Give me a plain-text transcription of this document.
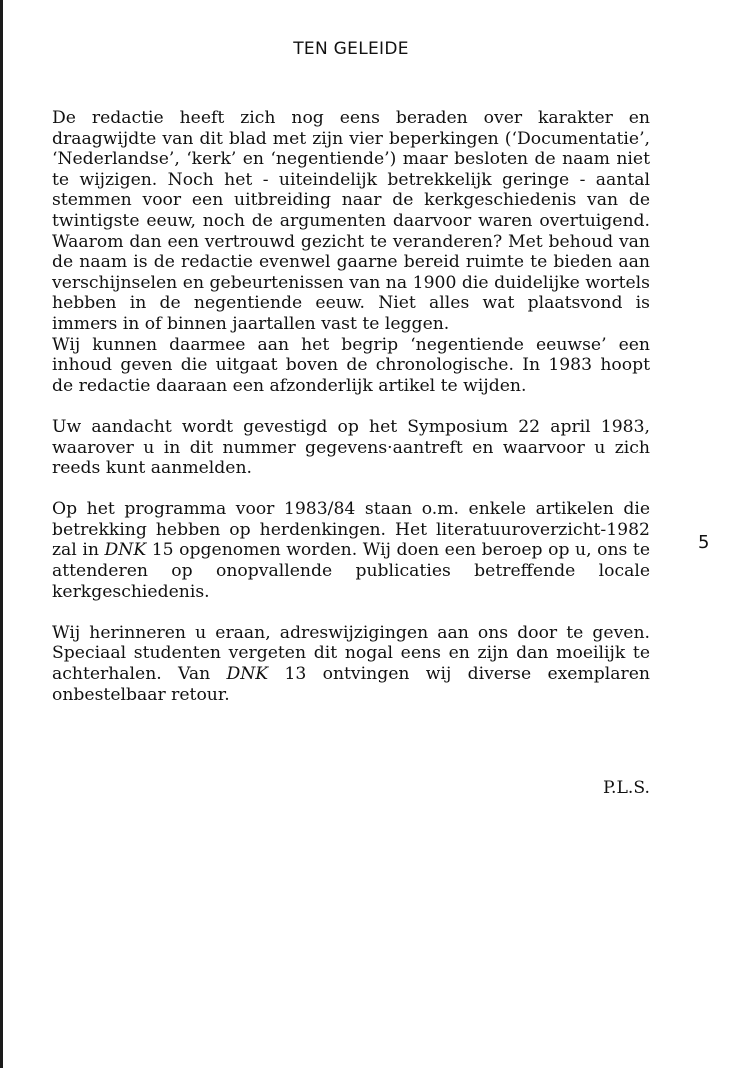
TEN GELEIDE

De redactie heeft zich nog eens beraden over karakter en draagwijdte van dit blad met zijn vier beperkingen (‘Documentatie’, ‘Nederlandse’, ‘kerk’ en ‘negentiende’) maar besloten de naam niet te wijzigen. Noch het - uiteindelijk betrekkelijk geringe - aantal stemmen voor een uitbreiding naar de kerkgeschiedenis van de twintigste eeuw, noch de argumenten daarvoor waren overtuigend. Waarom dan een vertrouwd gezicht te veranderen? Met behoud van de naam is de redactie evenwel gaarne bereid ruimte te bieden aan verschijnselen en gebeurtenissen van na 1900 die duidelijke wortels hebben in de negentiende eeuw. Niet alles wat plaatsvond is immers in of binnen jaartallen vast te leggen.

Wij kunnen daarmee aan het begrip ‘negentiende eeuwse’ een inhoud geven die uitgaat boven de chronologische. In 1983 hoopt de redactie daaraan een afzonderlijk artikel te wijden.

Uw aandacht wordt gevestigd op het Symposium 22 april 1983, waarover u in dit nummer gegevens·aantreft en waarvoor u zich reeds kunt aanmelden.

Op het programma voor 1983/84 staan o.m. enkele artikelen die betrekking hebben op herdenkingen. Het literatuuroverzicht-1982 zal in DNK 15 opgenomen worden. Wij doen een beroep op u, ons te attenderen op onopvallende publicaties betreffende locale kerkgeschiedenis.

Wij herinneren u eraan, adreswijzigingen aan ons door te geven. Speciaal studenten vergeten dit nogal eens en zijn dan moeilijk te achterhalen. Van DNK 13 ontvingen wij diverse exemplaren onbestelbaar retour.

5
P.L.S.
